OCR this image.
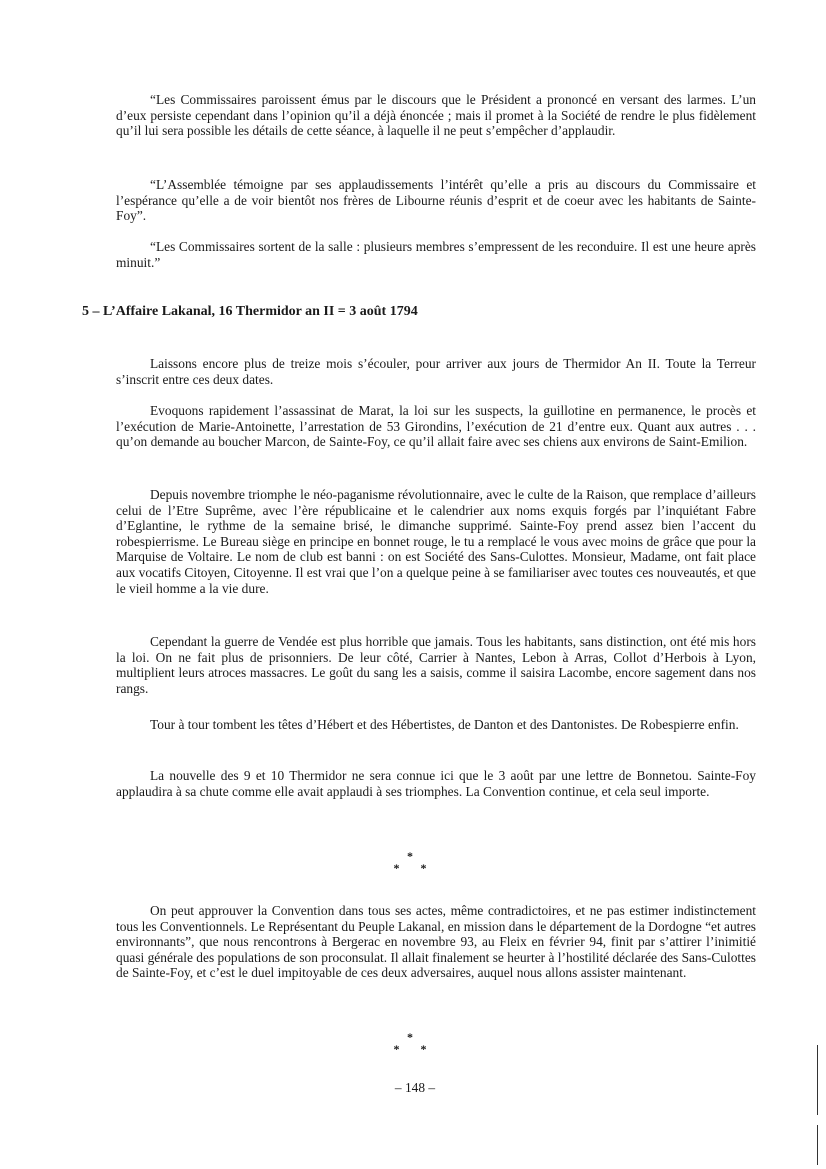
“Les Commissaires paroissent émus par le discours que le Président a prononcé en versant des larmes. L’un d’eux persiste cependant dans l’opinion qu’il a déjà énoncée ; mais il promet à la Société de rendre le plus fidèlement qu’il lui sera possible les détails de cette séance, à laquelle il ne peut s’empêcher d’applaudir.

“L’Assemblée témoigne par ses applaudissements l’intérêt qu’elle a pris au discours du Commissaire et l’espérance qu’elle a de voir bientôt nos frères de Libourne réunis d’esprit et de coeur avec les habitants de Sainte-Foy”.

“Les Commissaires sortent de la salle : plusieurs membres s’empressent de les reconduire. Il est une heure après minuit.”

5 – L’Affaire Lakanal, 16 Thermidor an II = 3 août 1794

Laissons encore plus de treize mois s’écouler, pour arriver aux jours de Thermidor An II. Toute la Terreur s’inscrit entre ces deux dates.

Evoquons rapidement l’assassinat de Marat, la loi sur les suspects, la guillotine en permanence, le procès et l’exécution de Marie-Antoinette, l’arrestation de 53 Girondins, l’exécution de 21 d’entre eux. Quant aux autres . . . qu’on demande au boucher Marcon, de Sainte-Foy, ce qu’il allait faire avec ses chiens aux environs de Saint-Emilion.

Depuis novembre triomphe le néo-paganisme révolutionnaire, avec le culte de la Raison, que remplace d’ailleurs celui de l’Etre Suprême, avec l’ère républicaine et le calendrier aux noms exquis forgés par l’inquiétant Fabre d’Eglantine, le rythme de la semaine brisé, le dimanche supprimé. Sainte-Foy prend assez bien l’accent du robespierrisme. Le Bureau siège en principe en bonnet rouge, le tu a remplacé le vous avec moins de grâce que pour la Marquise de Voltaire. Le nom de club est banni : on est Société des Sans-Culottes. Monsieur, Madame, ont fait place aux vocatifs Citoyen, Citoyenne. Il est vrai que l’on a quelque peine à se familiariser avec toutes ces nouveautés, et que le vieil homme a la vie dure.

Cependant la guerre de Vendée est plus horrible que jamais. Tous les habitants, sans distinction, ont été mis hors la loi. On ne fait plus de prisonniers. De leur côté, Carrier à Nantes, Lebon à Arras, Collot d’Herbois à Lyon, multiplient leurs atroces massacres. Le goût du sang les a saisis, comme il saisira Lacombe, encore sagement dans nos rangs.

Tour à tour tombent les têtes d’Hébert et des Hébertistes, de Danton et des Dantonistes. De Robespierre enfin.

La nouvelle des 9 et 10 Thermidor ne sera connue ici que le 3 août par une lettre de Bonnetou. Sainte-Foy applaudira à sa chute comme elle avait applaudi à ses triomphes. La Convention continue, et cela seul importe.

*
* *

On peut approuver la Convention dans tous ses actes, même contradictoires, et ne pas estimer indistinctement tous les Conventionnels. Le Représentant du Peuple Lakanal, en mission dans le département de la Dordogne “et autres environnants”, que nous rencontrons à Bergerac en novembre 93, au Fleix en février 94, finit par s’attirer l’inimitié quasi générale des populations de son proconsulat. Il allait finalement se heurter à l’hostilité déclarée des Sans-Culottes de Sainte-Foy, et c’est le duel impitoyable de ces deux adversaires, auquel nous allons assister maintenant.

*
* *
– 148 –
